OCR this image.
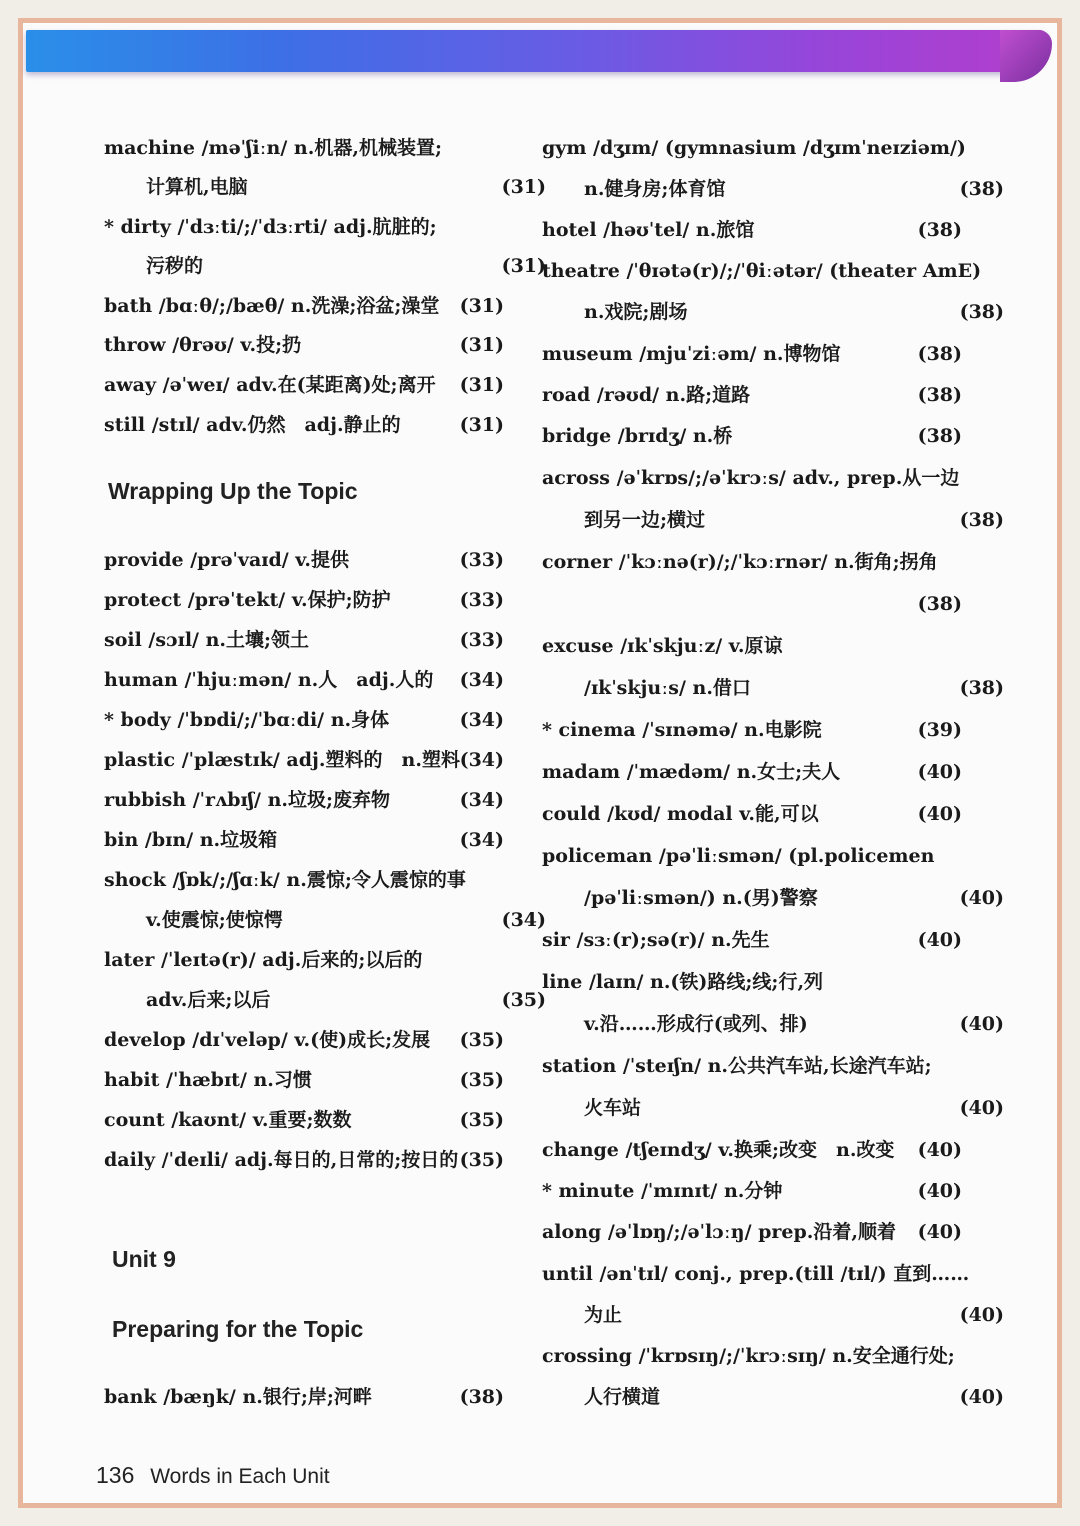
machine /məˈʃiːn/ n.机器,机械装置;
计算机,电脑	(31)
* dirty /ˈdɜːti/;/ˈdɜːrti/ adj.肮脏的;
污秽的	(31)
bath /bɑːθ/;/bæθ/ n.洗澡;浴盆;澡堂 (31)
throw /θrəʊ/ v.投;扔	(31)
away /əˈweɪ/ adv.在(某距离)处;离开 (31)
still /stɪl/ adv.仍然　adj.静止的	(31)
provide /prəˈvaɪd/ v.提供	(33)
protect /prəˈtekt/ v.保护;防护	(33)
soil /sɔɪl/ n.土壤;领土	(33)
human /ˈhjuːmən/ n.人　adj.人的 (34)
* body /ˈbɒdi/;/ˈbɑːdi/ n.身体	(34)
plastic /ˈplæstɪk/ adj.塑料的　n.塑料 (34)
rubbish /ˈrʌbɪʃ/ n.垃圾;废弃物	(34)
bin /bɪn/ n.垃圾箱	(34)
shock /ʃɒk/;/ʃɑːk/ n.震惊;令人震惊的事
v.使震惊;使惊愕	(34)
later /ˈleɪtə(r)/ adj.后来的;以后的
adv.后来;以后	(35)
develop /dɪˈveləp/ v.(使)成长;发展 (35)
habit /ˈhæbɪt/ n.习惯	(35)
count /kaʊnt/ v.重要;数数	(35)
daily /ˈdeɪli/ adj.每日的,日常的;按日的 (35)
bank /bæŋk/ n.银行;岸;河畔	(38)
gym /dʒɪm/ (gymnasium /dʒɪmˈneɪziəm/)
n.健身房;体育馆	(38)
hotel /həʊˈtel/ n.旅馆	(38)
theatre /ˈθɪətə(r)/;/ˈθiːətər/ (theater AmE)
n.戏院;剧场	(38)
museum /mjuˈziːəm/ n.博物馆	(38)
road /rəʊd/ n.路;道路	(38)
bridge /brɪdʒ/ n.桥	(38)
across /əˈkrɒs/;/əˈkrɔːs/ adv., prep.从一边
到另一边;横过	(38)
corner /ˈkɔːnə(r)/;/ˈkɔːrnər/ n.街角;拐角
(38)
excuse /ɪkˈskjuːz/ v.原谅
/ɪkˈskjuːs/ n.借口	(38)
* cinema /ˈsɪnəmə/ n.电影院	(39)
madam /ˈmædəm/ n.女士;夫人	(40)
could /kʊd/ modal v.能,可以	(40)
policeman /pəˈliːsmən/ (pl.policemen
/pəˈliːsmən/) n.(男)警察	(40)
sir /sɜː(r);sə(r)/ n.先生	(40)
line /laɪn/ n.(铁)路线;线;行,列
v.沿……形成行(或列、排)	(40)
station /ˈsteɪʃn/ n.公共汽车站,长途汽车站;
火车站	(40)
change /tʃeɪndʒ/ v.换乘;改变　n.改变 (40)
* minute /ˈmɪnɪt/ n.分钟	(40)
along /əˈlɒŋ/;/əˈlɔːŋ/ prep.沿着,顺着 (40)
until /ənˈtɪl/ conj., prep.(till /tɪl/) 直到……
为止	(40)
crossing /ˈkrɒsɪŋ/;/ˈkrɔːsɪŋ/ n.安全通行处;
人行横道	(40)
Wrapping Up the Topic
Unit 9
Preparing for the Topic
136 Words in Each Unit
